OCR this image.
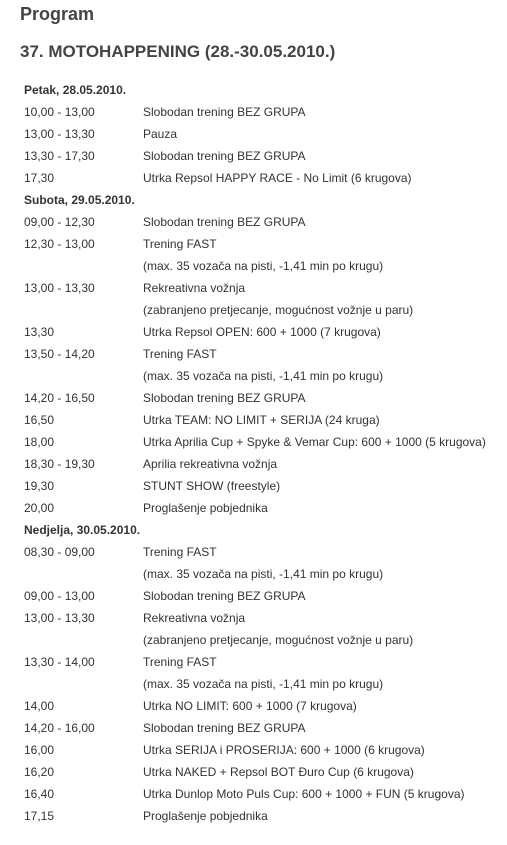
Program
37. MOTOHAPPENING (28.-30.05.2010.)
Petak, 28.05.2010.
10,00 - 13,00	Slobodan trening BEZ GRUPA
13,00 - 13,30	Pauza
13,30 - 17,30	Slobodan trening BEZ GRUPA
17,30	Utrka Repsol HAPPY RACE - No Limit (6 krugova)
Subota, 29.05.2010.
09,00 - 12,30	Slobodan trening BEZ GRUPA
12,30 - 13,00	Trening FAST
(max. 35 vozača na pisti, -1,41 min po krugu)
13,00 - 13,30	Rekreativna vožnja
(zabranjeno pretjecanje, mogućnost vožnje u paru)
13,30	Utrka Repsol OPEN: 600 + 1000 (7 krugova)
13,50 - 14,20	Trening FAST
(max. 35 vozača na pisti, -1,41 min po krugu)
14,20 - 16,50	Slobodan trening BEZ GRUPA
16,50	Utrka TEAM: NO LIMIT + SERIJA (24 kruga)
18,00	Utrka Aprilia Cup + Spyke & Vemar Cup: 600 + 1000 (5 krugova)
18,30 - 19,30	Aprilia rekreativna vožnja
19,30	STUNT SHOW (freestyle)
20,00	Proglašenje pobjednika
Nedjelja, 30.05.2010.
08,30 - 09,00	Trening FAST
(max. 35 vozača na pisti, -1,41 min po krugu)
09,00 - 13,00	Slobodan trening BEZ GRUPA
13,00 - 13,30	Rekreativna vožnja
(zabranjeno pretjecanje, mogućnost vožnje u paru)
13,30 - 14,00	Trening FAST
(max. 35 vozača na pisti, -1,41 min po krugu)
14,00	Utrka NO LIMIT: 600 + 1000 (7 krugova)
14,20 - 16,00	Slobodan trening BEZ GRUPA
16,00	Utrka SERIJA i PROSERIJA: 600 + 1000 (6 krugova)
16,20	Utrka NAKED + Repsol BOT Đuro Cup (6 krugova)
16,40	Utrka Dunlop Moto Puls Cup: 600 + 1000 + FUN (5 krugova)
17,15	Proglašenje pobjednika
